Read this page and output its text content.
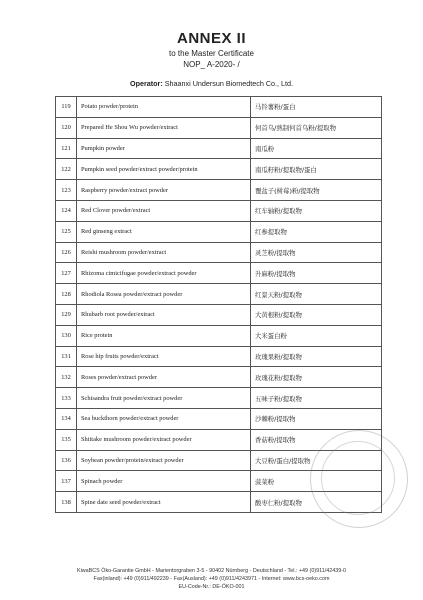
ANNEX II
to the Master Certificate
NOP_ A-2020- /
Operator: Shaanxi Undersun Biomedtech Co., Ltd.
119	Potato powder/protein	马铃薯粉/蛋白
120	Prepared He Shou Wu powder/extract	何首乌/熟制何首乌粉/提取物
121	Pumpkin powder	南瓜粉
122	Pumpkin seed powder/extract powder/protein	南瓜籽粉/提取物/蛋白
123	Raspberry powder/extract powder	覆盆子(树莓)粉/提取物
124	Red Clover powder/extract	红车轴粉/提取物
125	Red ginseng extract	红参提取物
126	Reishi mushroom powder/extract	灵芝粉/提取物
127	Rhizoma cimicifugae powder/extract powder	升麻粉/提取物
128	Rhodiola Rosea powder/extract powder	红景天粉/提取物
129	Rhubarb root powder/extract	大黄根粉/提取物
130	Rice protein	大米蛋白粉
131	Rose hip fruits powder/extract	玫瑰果粉/提取物
132	Roses powder/extract powder	玫瑰花粉/提取物
133	Schisandra fruit powder/extract powder	五味子粉/提取物
134	Sea buckthorn powder/extract powder	沙棘粉/提取物
135	Shiitake mushroom powder/extract powder	香菇粉/提取物
136	Soybean powder/protein/extract powder	大豆粉/蛋白/提取物
137	Spinach powder	菠菜粉
138	Spine date seed powder/extract	酸枣仁粉/提取物
KiwaBCS Öko-Garantie GmbH - Marientorgraben 3-5 - 90402 Nürnberg - Deutschland - Tel.: +49 (0)911/42439-0
Fax(inland): +49 (0)911/492239 - Fax(Ausland): +49 (0)911/4243971 - Internet: www.bcs-oeko.com
EU-Code-Nr.: DE-ÖKO-001
